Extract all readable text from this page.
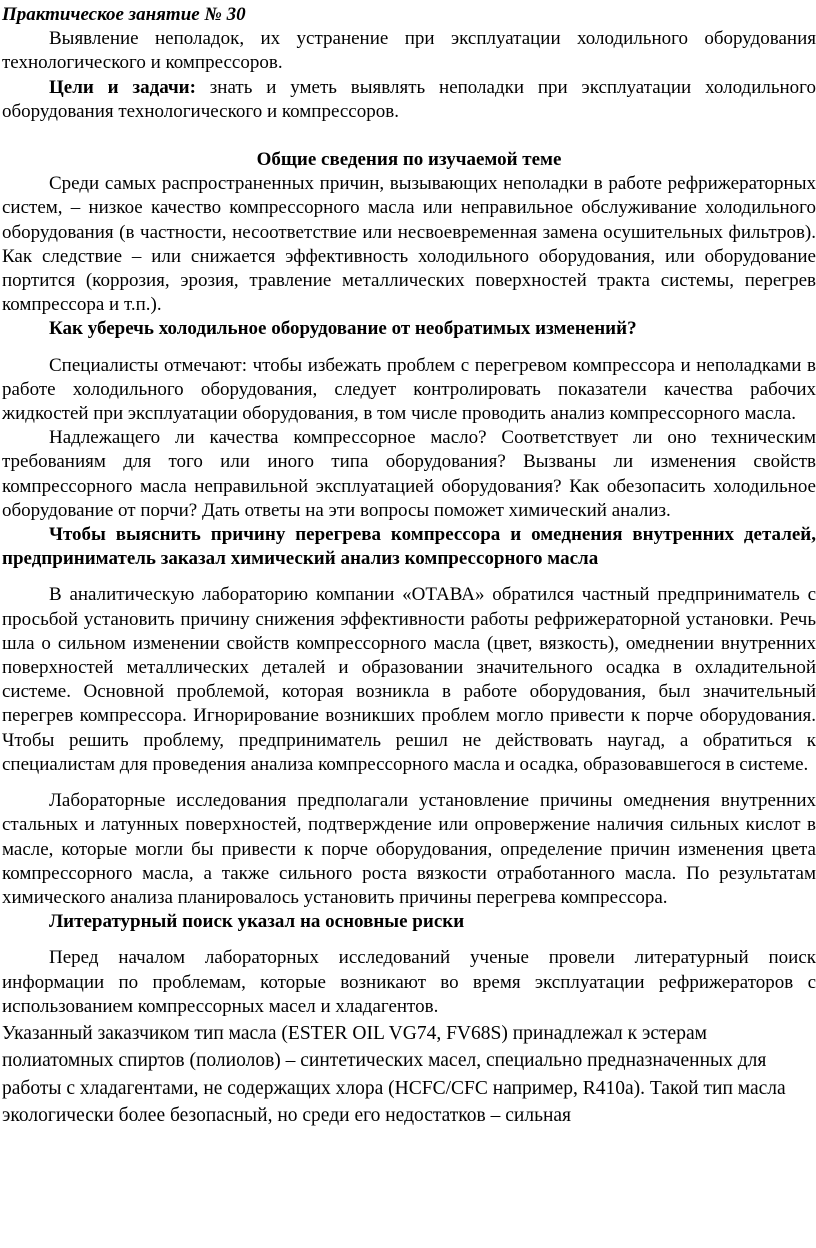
Практическое занятие № 30

Выявление неполадок, их устранение при эксплуатации холодильного оборудования технологического и компрессоров.

Цели и задачи: знать и уметь выявлять неполадки при эксплуатации холодильного оборудования технологического и компрессоров.

Общие сведения по изучаемой теме

Среди самых распространенных причин, вызывающих неполадки в работе рефрижераторных систем, – низкое качество компрессорного масла или неправильное обслуживание холодильного оборудования (в частности, несоответствие или несвоевременная замена осушительных фильтров). Как следствие – или снижается эффективность холодильного оборудования, или оборудование портится (коррозия, эрозия, травление металлических поверхностей тракта системы, перегрев компрессора и т.п.).

Как уберечь холодильное оборудование от необратимых изменений?

Специалисты отмечают: чтобы избежать проблем с перегревом компрессора и неполадками в работе холодильного оборудования, следует контролировать показатели качества рабочих жидкостей при эксплуатации оборудования, в том числе проводить анализ компрессорного масла.

Надлежащего ли качества компрессорное масло? Соответствует ли оно техническим требованиям для того или иного типа оборудования? Вызваны ли изменения свойств компрессорного масла неправильной эксплуатацией оборудования? Как обезопасить холодильное оборудование от порчи? Дать ответы на эти вопросы поможет химический анализ.

Чтобы выяснить причину перегрева компрессора и омеднения внутренних деталей, предприниматель заказал химический анализ компрессорного масла

В аналитическую лабораторию компании «ОТАВА» обратился частный предприниматель с просьбой установить причину снижения эффективности работы рефрижераторной установки. Речь шла о сильном изменении свойств компрессорного масла (цвет, вязкость), омеднении внутренних поверхностей металлических деталей и образовании значительного осадка в охладительной системе. Основной проблемой, которая возникла в работе оборудования, был значительный перегрев компрессора. Игнорирование возникших проблем могло привести к порче оборудования. Чтобы решить проблему, предприниматель решил не действовать наугад, а обратиться к специалистам для проведения анализа компрессорного масла и осадка, образовавшегося в системе.

Лабораторные исследования предполагали установление причины омеднения внутренних стальных и латунных поверхностей, подтверждение или опровержение наличия сильных кислот в масле, которые могли бы привести к порче оборудования, определение причин изменения цвета компрессорного масла, а также сильного роста вязкости отработанного масла. По результатам химического анализа планировалось установить причины перегрева компрессора.

Литературный поиск указал на основные риски

Перед началом лабораторных исследований ученые провели литературный поиск информации по проблемам, которые возникают во время эксплуатации рефрижераторов с использованием компрессорных масел и хладагентов.

Указанный заказчиком тип масла (ESTER OIL VG74, FV68S) принадлежал к эстерам полиатомных спиртов (полиолов) – синтетических масел, специально предназначенных для работы с хладагентами, не содержащих хлора (HCFC/CFC например, R410a). Такой тип масла экологически более безопасный, но среди его недостатков – сильная
